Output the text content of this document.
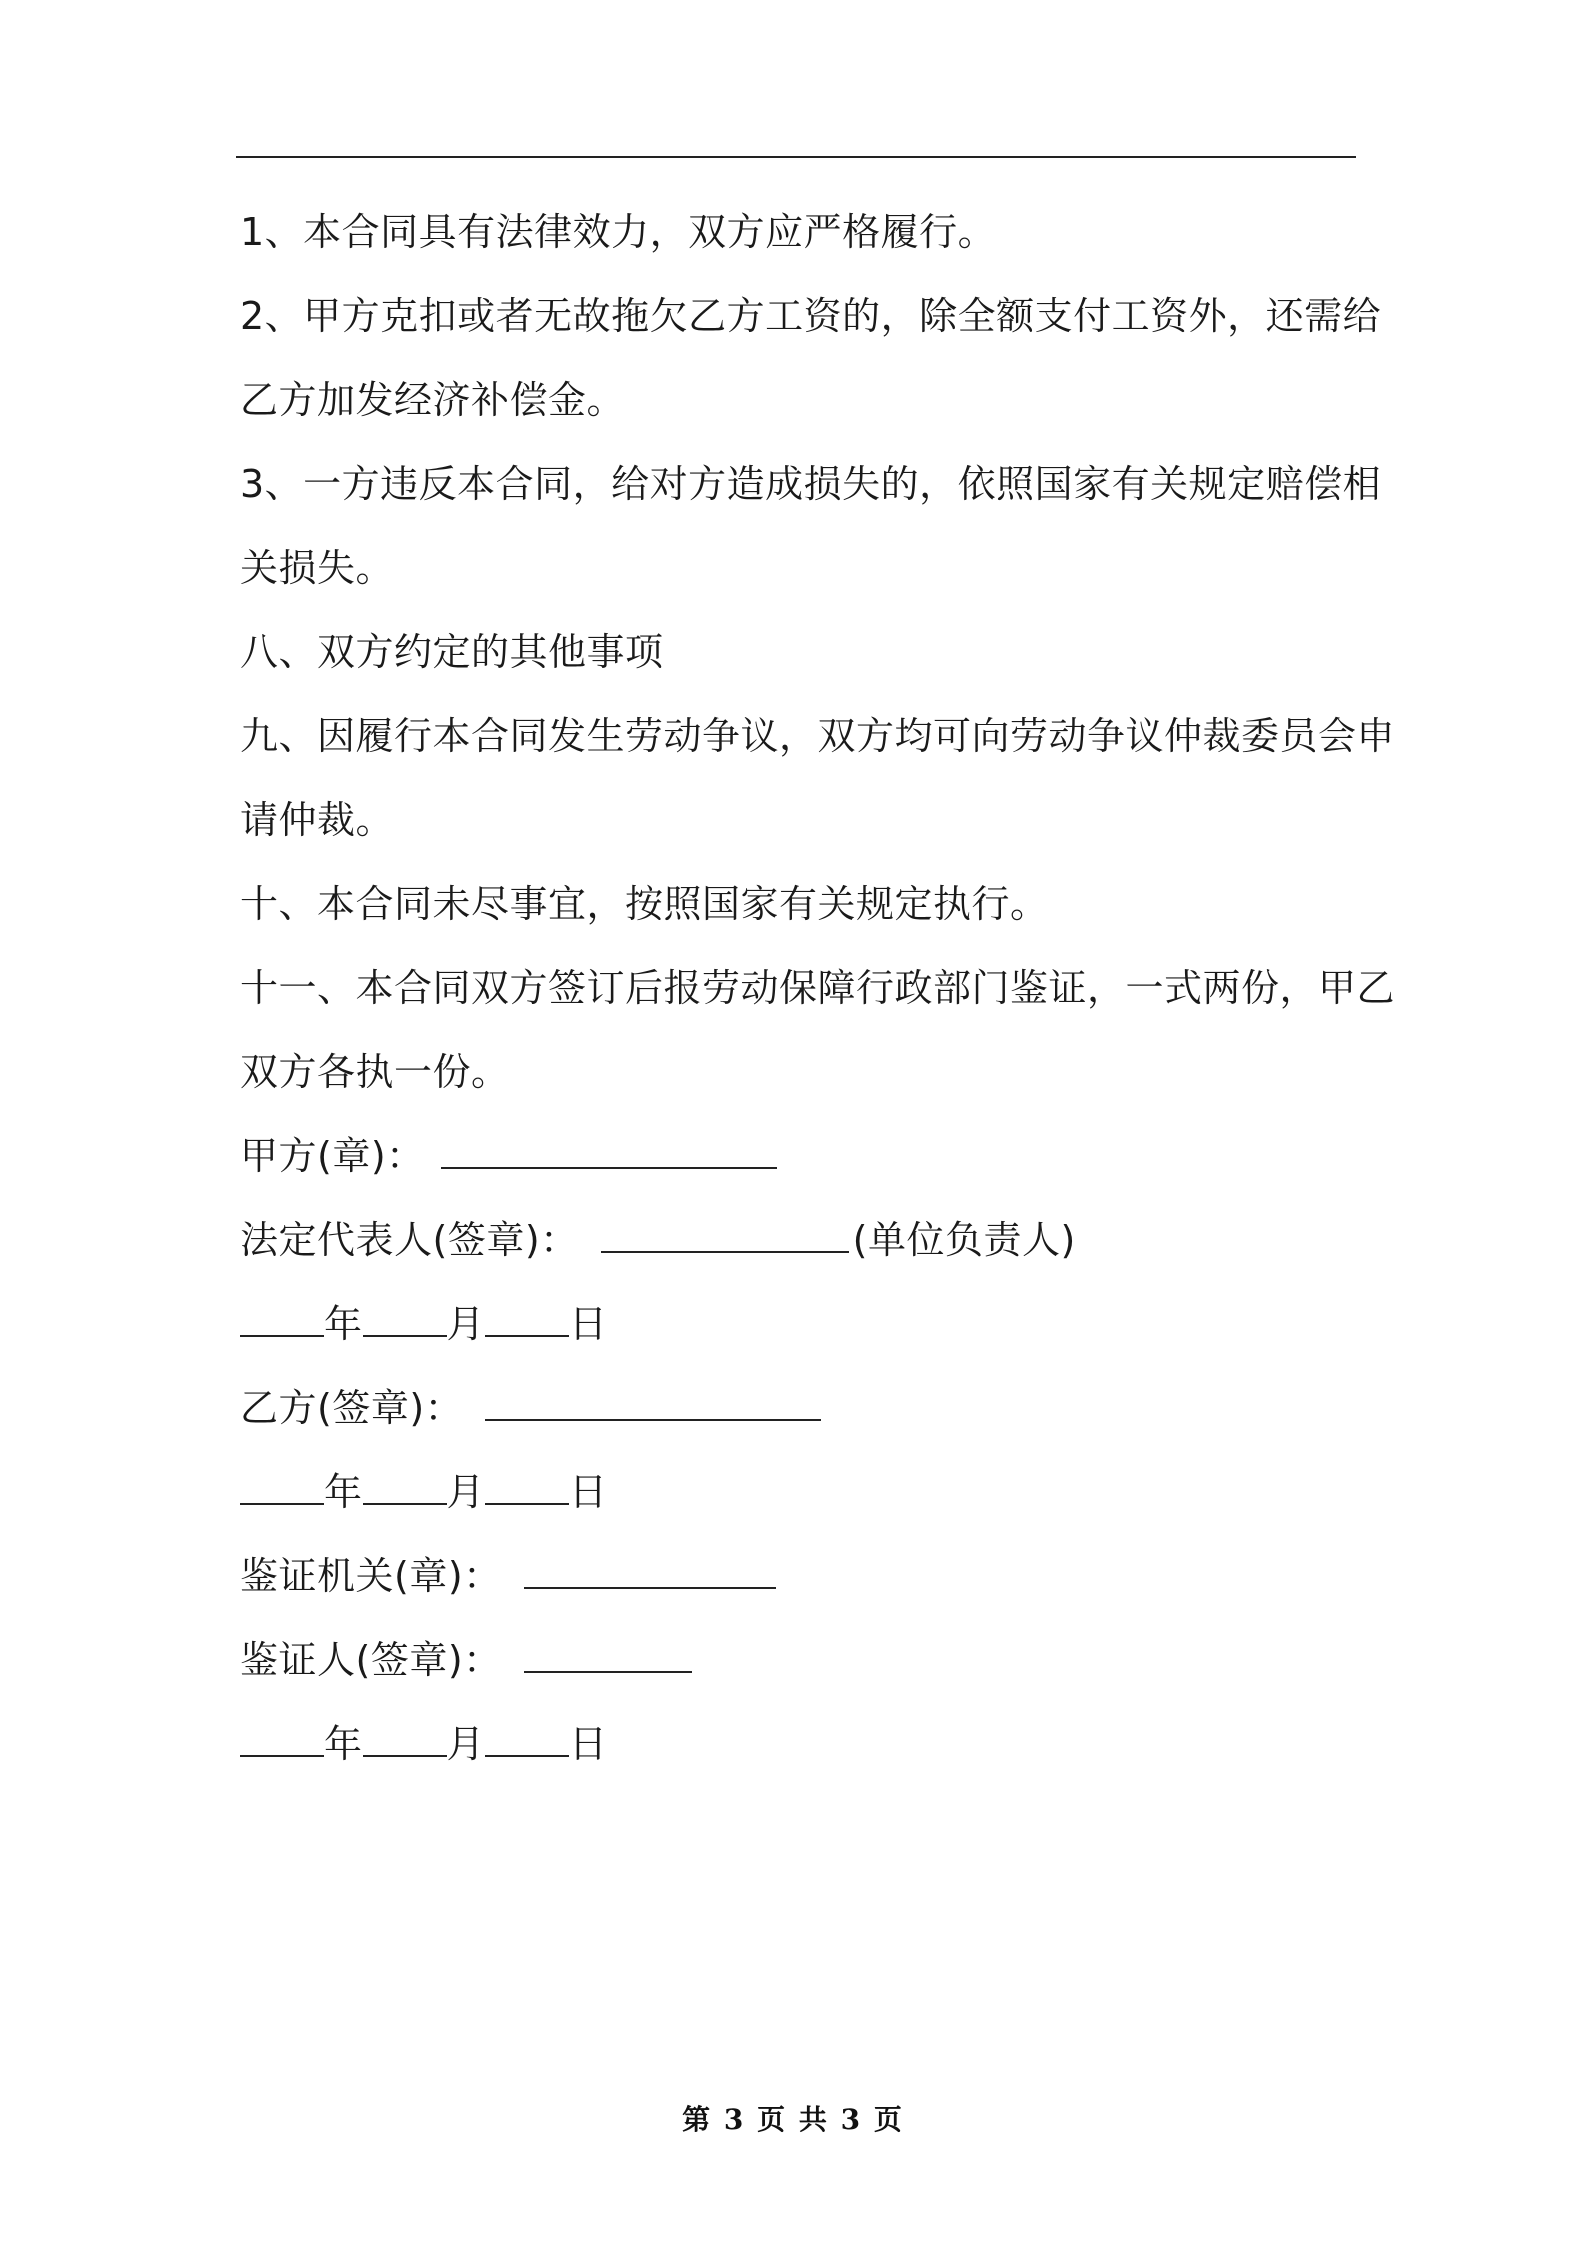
1、本合同具有法律效力，双方应严格履行。
2、甲方克扣或者无故拖欠乙方工资的，除全额支付工资外，还需给
乙方加发经济补偿金。
3、一方违反本合同，给对方造成损失的，依照国家有关规定赔偿相
关损失。
八、双方约定的其他事项
九、因履行本合同发生劳动争议，双方均可向劳动争议仲裁委员会申
请仲裁。
十、本合同未尽事宜，按照国家有关规定执行。
十一、本合同双方签订后报劳动保障行政部门鉴证，一式两份，甲乙
双方各执一份。
甲方(章)：
法定代表人(签章)：	(单位负责人)
年 月 日
乙方(签章)：
年 月 日
鉴证机关(章)：
鉴证人(签章)：
年 月 日
第 3 页 共 3 页
